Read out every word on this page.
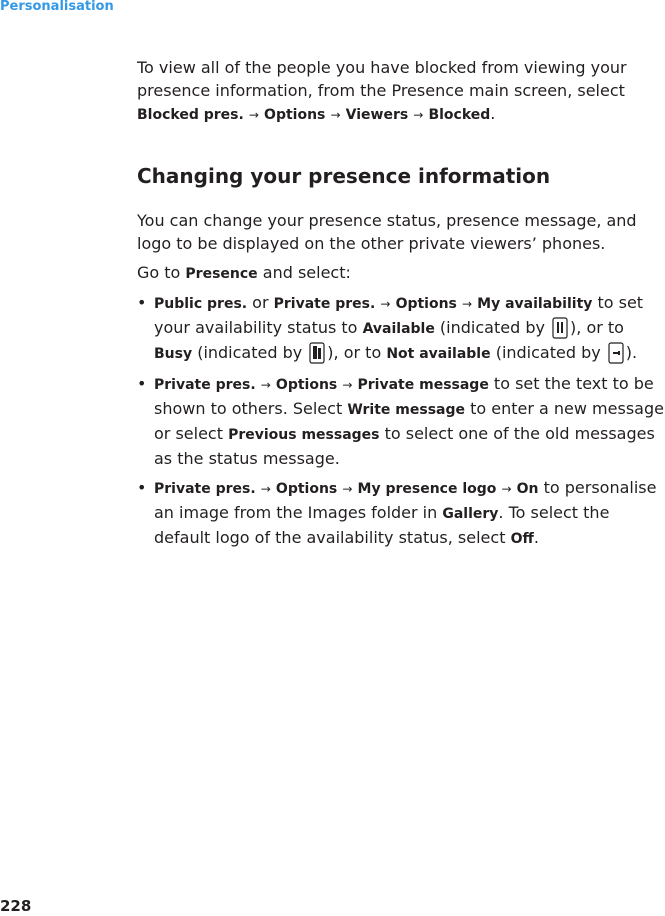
Personalisation

To view all of the people you have blocked from viewing your presence information, from the Presence main screen, select Blocked pres. → Options → Viewers → Blocked.

Changing your presence information

You can change your presence status, presence message, and logo to be displayed on the other private viewers’ phones.

Go to Presence and select:

• Public pres. or Private pres. → Options → My availability to set your availability status to Available (indicated by ), or to Busy (indicated by ), or to Not available (indicated by ).
• Private pres. → Options → Private message to set the text to be shown to others. Select Write message to enter a new message or select Previous messages to select one of the old messages as the status message.
• Private pres. → Options → My presence logo → On to personalise an image from the Images folder in Gallery. To select the default logo of the availability status, select Off.
228
